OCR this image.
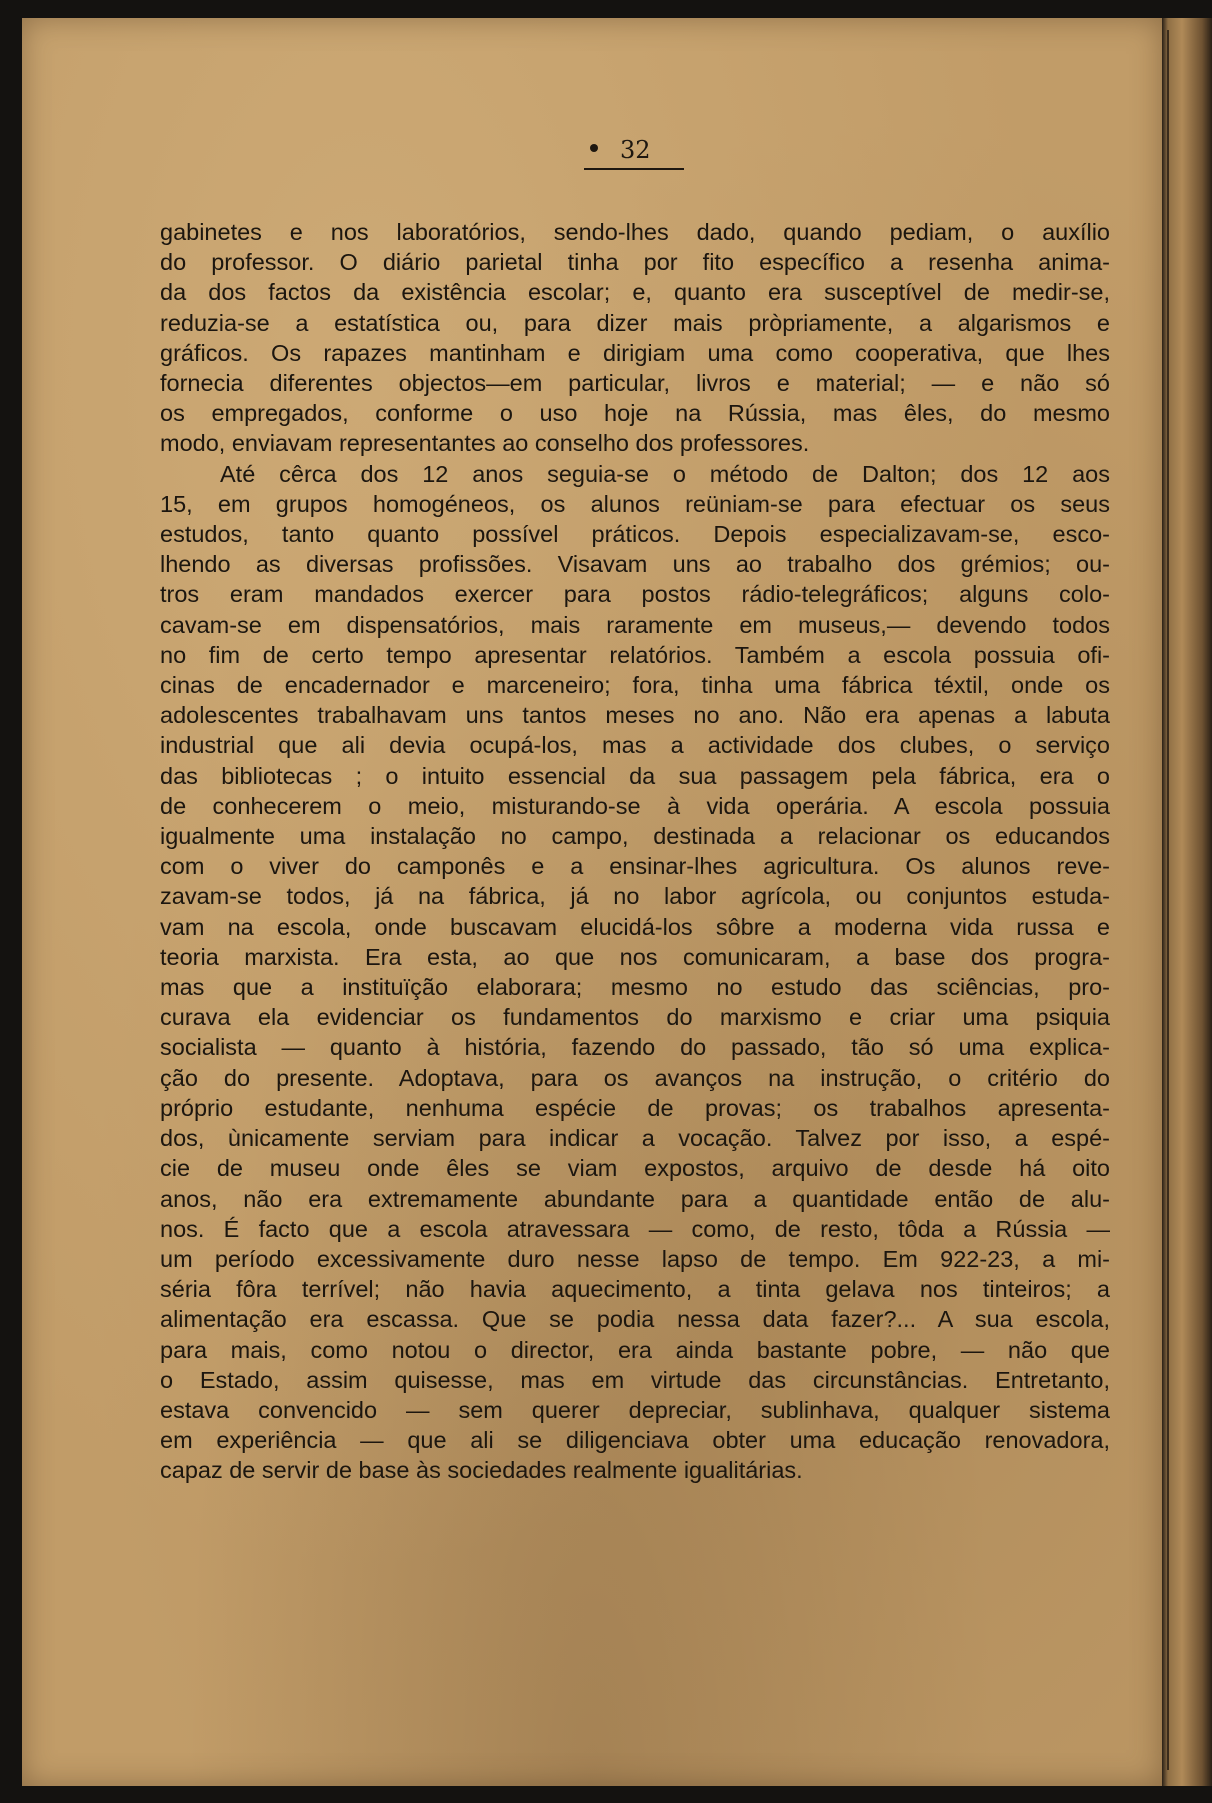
32
gabinetes e nos laboratórios, sendo-lhes dado, quando pediam, o auxílio
do professor. O diário parietal tinha por fito específico a resenha anima-
da dos factos da existência escolar; e, quanto era susceptível de medir-se,
reduzia-se a estatística ou, para dizer mais pròpriamente, a algarismos e
gráficos. Os rapazes mantinham e dirigiam uma como cooperativa, que lhes
fornecia diferentes objectos—em particular, livros e material; — e não só
os empregados, conforme o uso hoje na Rússia, mas êles, do mesmo
modo, enviavam representantes ao conselho dos professores.
Até cêrca dos 12 anos seguia-se o método de Dalton; dos 12 aos
15, em grupos homogéneos, os alunos reüniam-se para efectuar os seus
estudos, tanto quanto possível práticos. Depois especializavam-se, esco-
lhendo as diversas profissões. Visavam uns ao trabalho dos grémios; ou-
tros eram mandados exercer para postos rádio-telegráficos; alguns colo-
cavam-se em dispensatórios, mais raramente em museus,— devendo todos
no fim de certo tempo apresentar relatórios. Também a escola possuia ofi-
cinas de encadernador e marceneiro; fora, tinha uma fábrica téxtil, onde os
adolescentes trabalhavam uns tantos meses no ano. Não era apenas a labuta
industrial que ali devia ocupá-los, mas a actividade dos clubes, o serviço
das bibliotecas ; o intuito essencial da sua passagem pela fábrica, era o
de conhecerem o meio, misturando-se à vida operária. A escola possuia
igualmente uma instalação no campo, destinada a relacionar os educandos
com o viver do camponês e a ensinar-lhes agricultura. Os alunos reve-
zavam-se todos, já na fábrica, já no labor agrícola, ou conjuntos estuda-
vam na escola, onde buscavam elucidá-los sôbre a moderna vida russa e
teoria marxista. Era esta, ao que nos comunicaram, a base dos progra-
mas que a instituïção elaborara; mesmo no estudo das sciências, pro-
curava ela evidenciar os fundamentos do marxismo e criar uma psiquia
socialista — quanto à história, fazendo do passado, tão só uma explica-
ção do presente. Adoptava, para os avanços na instrução, o critério do
próprio estudante, nenhuma espécie de provas; os trabalhos apresenta-
dos, ùnicamente serviam para indicar a vocação. Talvez por isso, a espé-
cie de museu onde êles se viam expostos, arquivo de desde há oito
anos, não era extremamente abundante para a quantidade então de alu-
nos. É facto que a escola atravessara — como, de resto, tôda a Rússia —
um período excessivamente duro nesse lapso de tempo. Em 922-23, a mi-
séria fôra terrível; não havia aquecimento, a tinta gelava nos tinteiros; a
alimentação era escassa. Que se podia nessa data fazer?... A sua escola,
para mais, como notou o director, era ainda bastante pobre, — não que
o Estado, assim quisesse, mas em virtude das circunstâncias. Entretanto,
estava convencido — sem querer depreciar, sublinhava, qualquer sistema
em experiência — que ali se diligenciava obter uma educação renovadora,
capaz de servir de base às sociedades realmente igualitárias.
